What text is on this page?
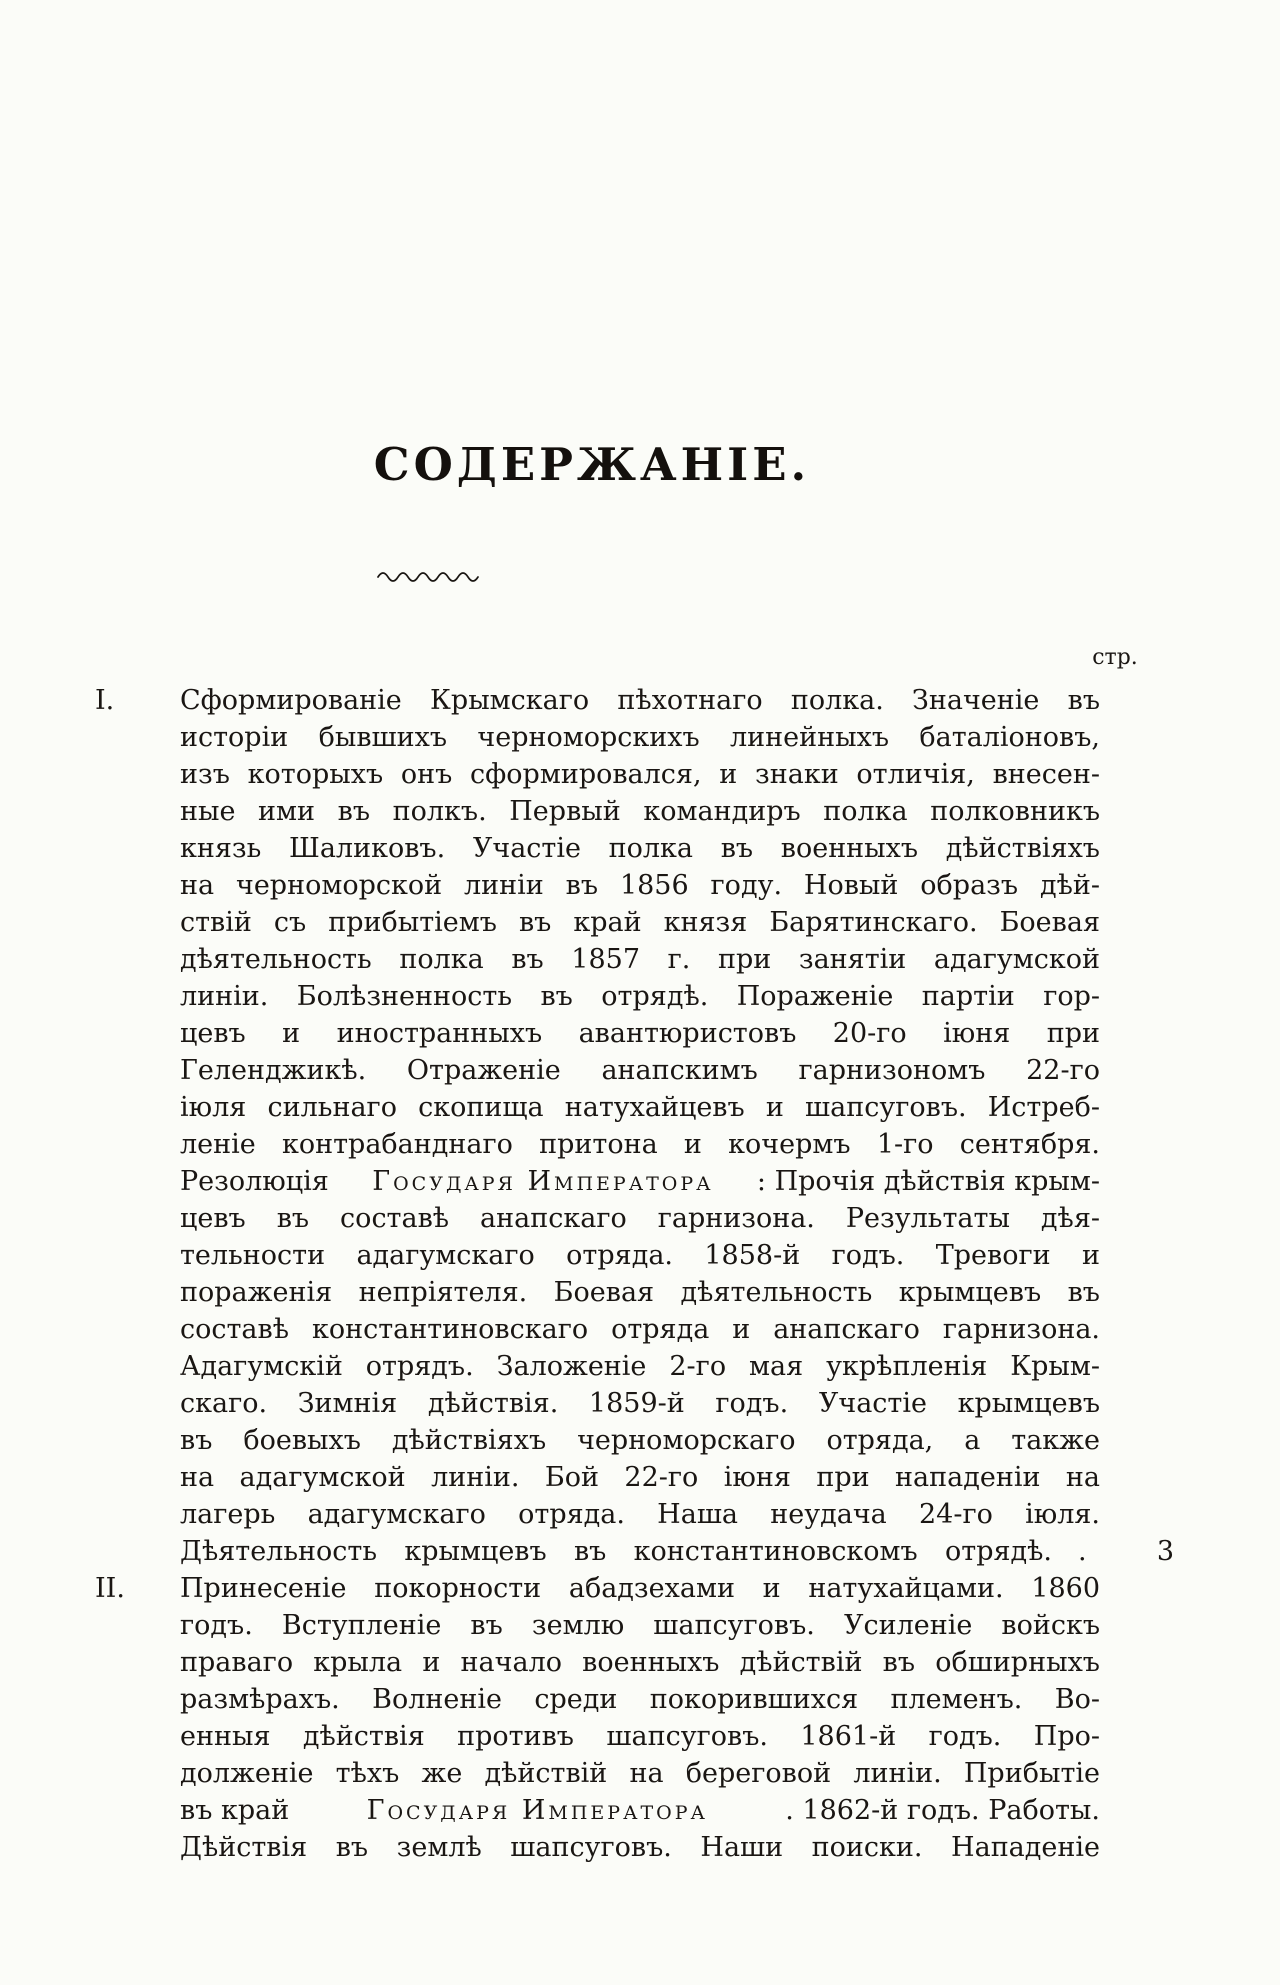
СОДЕРЖАНІЕ.
стр.
I.	Сформированіе Крымскаго пѣхотнаго полка. Значеніе въ
исторіи бывшихъ черноморскихъ линейныхъ баталіоновъ,
изъ которыхъ онъ сформировался, и знаки отличія, внесен-
ные ими въ полкъ. Первый командиръ полка полковникъ
князь Шаликовъ. Участіе полка въ военныхъ дѣйствіяхъ
на черноморской линіи въ 1856 году. Новый образъ дѣй-
ствій съ прибытіемъ въ край князя Барятинскаго. Боевая
дѣятельность полка въ 1857 г. при занятіи адагумской
линіи. Болѣзненность въ отрядѣ. Пораженіе партіи гор-
цевъ и иностранныхъ авантюристовъ 20-го іюня при
Геленджикѣ. Отраженіе анапскимъ гарнизономъ 22-го
іюля сильнаго скопища натухайцевъ и шапсуговъ. Истреб-
леніе контрабанднаго притона и кочермъ 1-го сентября.
Резолюція Государя Императора : Прочія дѣйствія крым-
цевъ въ составѣ анапскаго гарнизона. Результаты дѣя-
тельности адагумскаго отряда. 1858-й годъ. Тревоги и
пораженія непріятеля. Боевая дѣятельность крымцевъ въ
составѣ константиновскаго отряда и анапскаго гарнизона.
Адагумскій отрядъ. Заложеніе 2-го мая укрѣпленія Крым-
скаго. Зимнія дѣйствія. 1859-й годъ. Участіе крымцевъ
въ боевыхъ дѣйствіяхъ черноморскаго отряда, а также
на адагумской линіи. Бой 22-го іюня при нападеніи на
лагерь адагумскаго отряда. Наша неудача 24-го іюля.
Дѣятельность крымцевъ въ константиновскомъ отрядѣ. .	3
II.	Принесеніе покорности абадзехами и натухайцами. 1860
годъ. Вступленіе въ землю шапсуговъ. Усиленіе войскъ
праваго крыла и начало военныхъ дѣйствій въ обширныхъ
размѣрахъ. Волненіе среди покорившихся племенъ. Во-
енныя дѣйствія противъ шапсуговъ. 1861-й годъ. Про-
долженіе тѣхъ же дѣйствій на береговой линіи. Прибытіе
въ край	Государя Императора	. 1862-й годъ. Работы.
Дѣйствія въ землѣ шапсуговъ. Наши поиски. Нападеніе
